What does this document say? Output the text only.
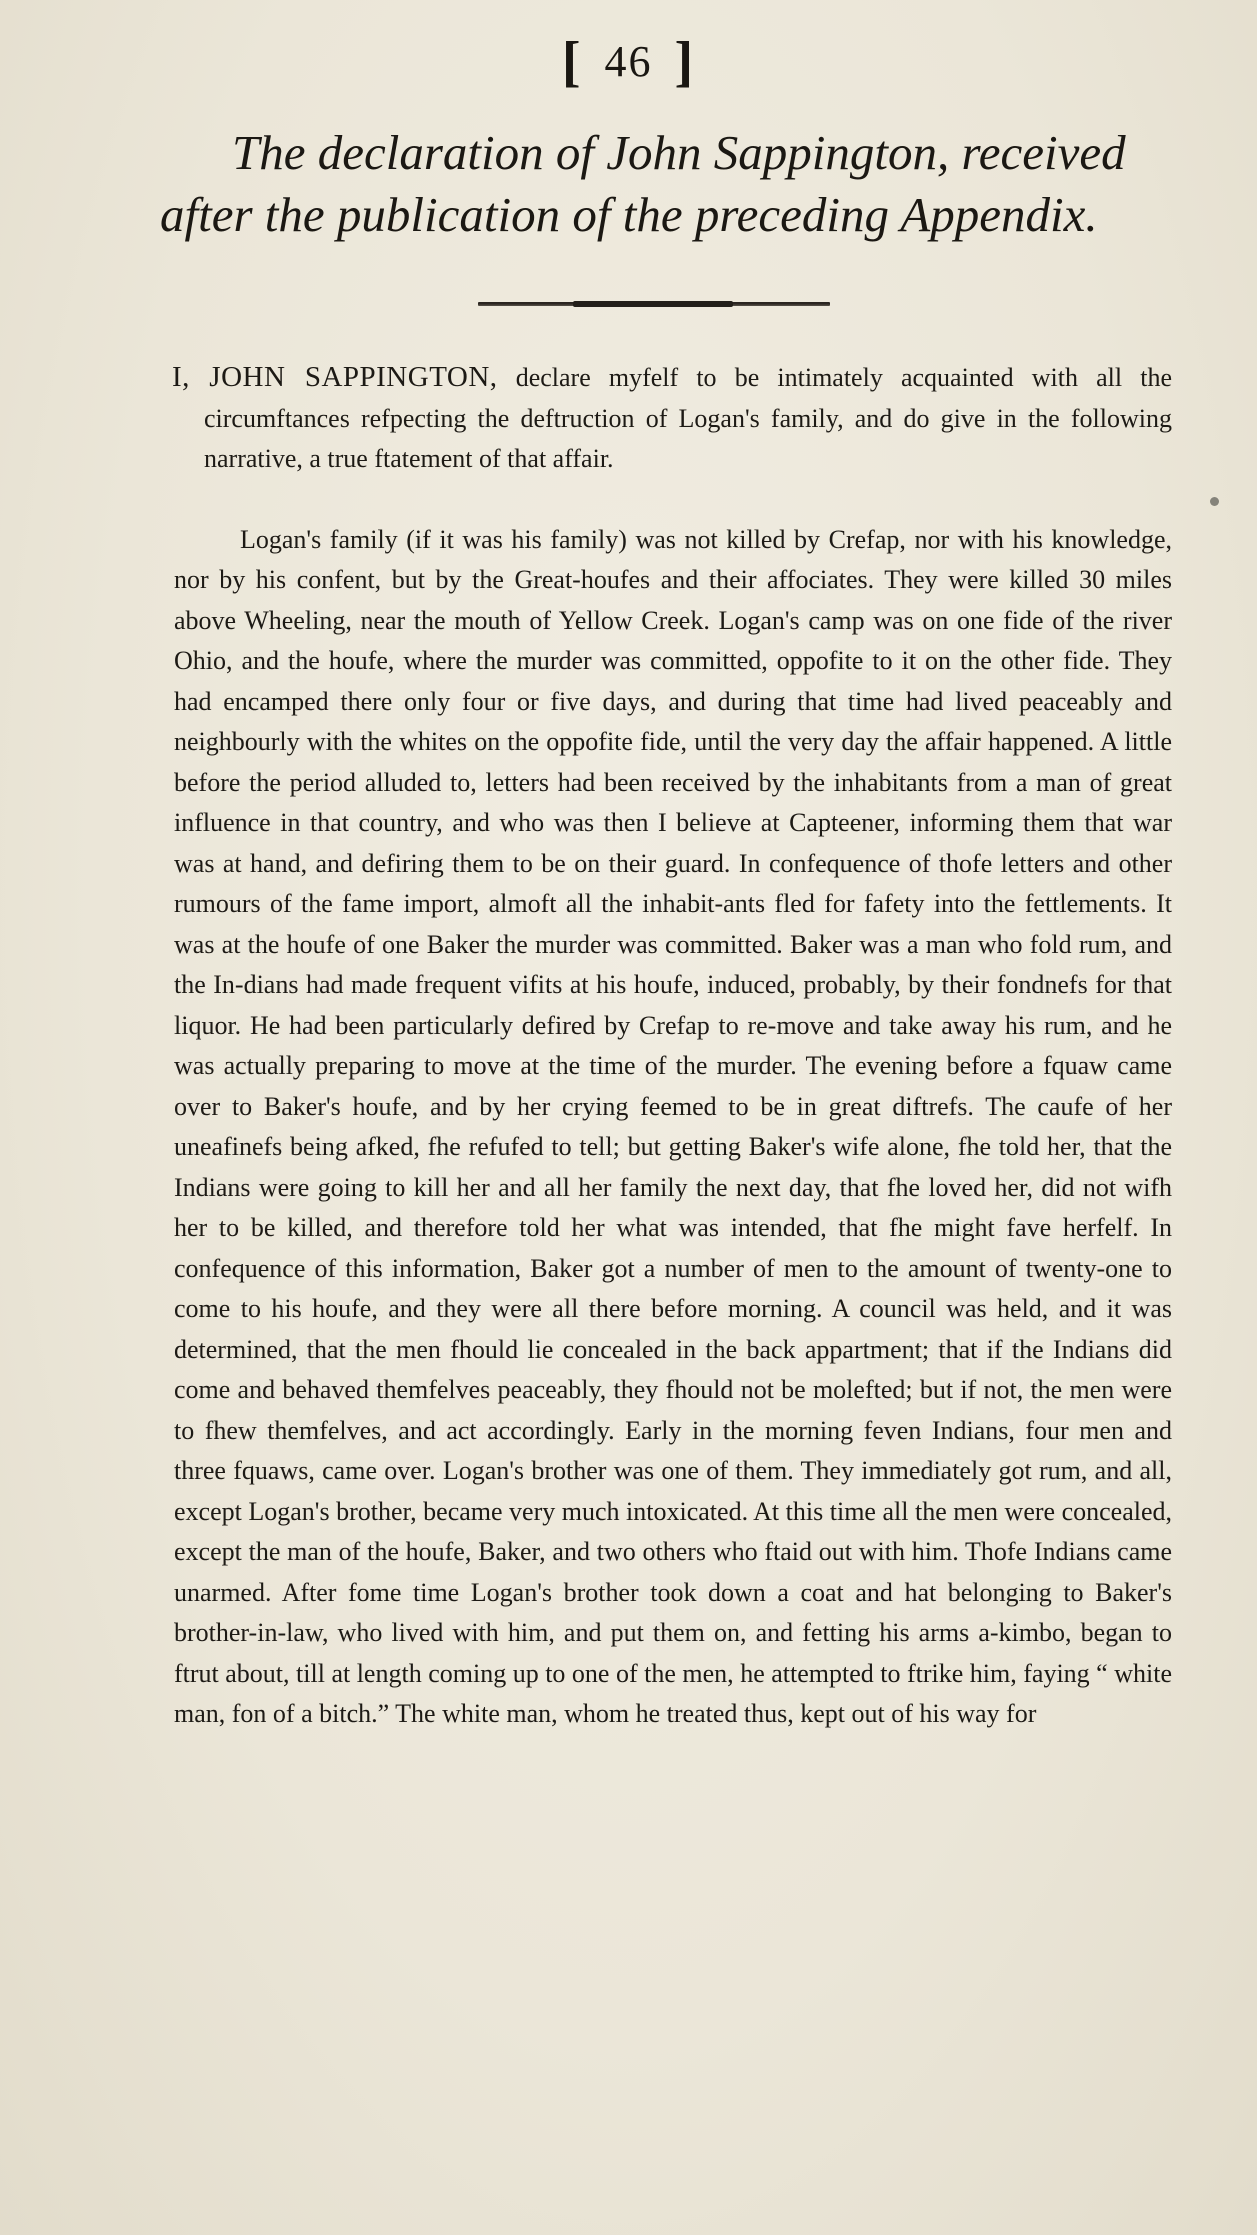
[ 46 ]
The declaration of John Sappington, received after the publication of the preceding Appendix.
I, JOHN SAPPINGTON, declare myfelf to be intimately acquainted with all the circumftances refpecting the deftruction of Logan's family, and do give in the following narrative, a true ftatement of that affair.
Logan's family (if it was his family) was not killed by Crefap, nor with his knowledge, nor by his confent, but by the Great-houfes and their affociates. They were killed 30 miles above Wheeling, near the mouth of Yellow Creek. Logan's camp was on one fide of the river Ohio, and the houfe, where the murder was committed, oppofite to it on the other fide. They had encamped there only four or five days, and during that time had lived peaceably and neighbourly with the whites on the oppofite fide, until the very day the affair happened. A little before the period alluded to, letters had been received by the inhabitants from a man of great influence in that country, and who was then I believe at Capteener, informing them that war was at hand, and defiring them to be on their guard. In confequence of thofe letters and other rumours of the fame import, almoft all the inhabit-ants fled for fafety into the fettlements. It was at the houfe of one Baker the murder was committed. Baker was a man who fold rum, and the In-dians had made frequent vifits at his houfe, induced, probably, by their fondnefs for that liquor. He had been particularly defired by Crefap to re-move and take away his rum, and he was actually preparing to move at the time of the murder. The evening before a fquaw came over to Baker's houfe, and by her crying feemed to be in great diftrefs. The caufe of her uneafinefs being afked, fhe refufed to tell; but getting Baker's wife alone, fhe told her, that the Indians were going to kill her and all her family the next day, that fhe loved her, did not wifh her to be killed, and therefore told her what was intended, that fhe might fave herfelf. In confequence of this information, Baker got a number of men to the amount of twenty-one to come to his houfe, and they were all there before morning. A council was held, and it was determined, that the men fhould lie concealed in the back appartment; that if the Indians did come and behaved themfelves peaceably, they fhould not be molefted; but if not, the men were to fhew themfelves, and act accordingly. Early in the morning feven Indians, four men and three fquaws, came over. Logan's brother was one of them. They immediately got rum, and all, except Logan's brother, became very much intoxicated. At this time all the men were concealed, except the man of the houfe, Baker, and two others who ftaid out with him. Thofe Indians came unarmed. After fome time Logan's brother took down a coat and hat belonging to Baker's brother-in-law, who lived with him, and put them on, and fetting his arms a-kimbo, began to ftrut about, till at length coming up to one of the men, he attempted to ftrike him, faying “ white man, fon of a bitch.” The white man, whom he treated thus, kept out of his way for
